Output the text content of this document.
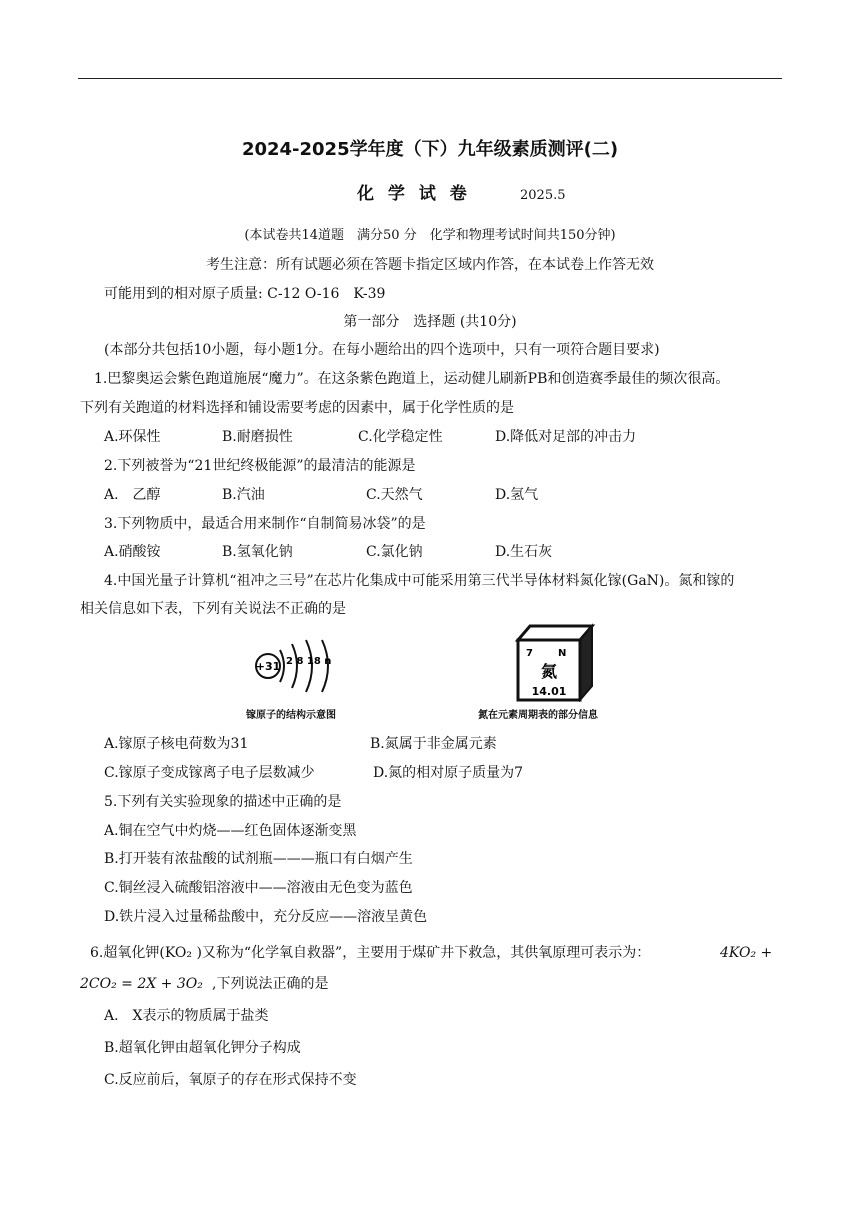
2024-2025学年度（下）九年级素质测评(二)
化 学 试 卷	2025.5
(本试卷共14道题　满分50 分　化学和物理考试时间共150分钟)
考生注意：所有试题必须在答题卡指定区域内作答，在本试卷上作答无效
可能用到的相对原子质量: C-12 O-16　K-39
第一部分　选择题 (共10分)
(本部分共包括10小题，每小题1分。在每小题给出的四个选项中，只有一项符合题目要求)
1.巴黎奥运会紫色跑道施展“魔力”。在这条紫色跑道上，运动健儿刷新PB和创造赛季最佳的频次很高。
下列有关跑道的材料选择和铺设需要考虑的因素中，属于化学性质的是
A.环保性	B.耐磨损性	C.化学稳定性	D.降低对足部的冲击力
2.下列被誉为“21世纪终极能源”的最清洁的能源是
A.　乙醇	B.汽油	C.天然气	D.氢气
3.下列物质中，最适合用来制作“自制简易冰袋”的是
A.硝酸铵	B.氢氧化钠	C.氯化钠	D.生石灰
4.中国光量子计算机“祖冲之三号”在芯片化集成中可能采用第三代半导体材料氮化镓(GaN)。氮和镓的
相关信息如下表，下列有关说法不正确的是
+31 2 8 18 n
镓原子的结构示意图
7	N
氮
14.01
氮在元素周期表的部分信息
A.镓原子核电荷数为31	B.氮属于非金属元素
C.镓原子变成镓离子电子层数减少	D.氮的相对原子质量为7
5.下列有关实验现象的描述中正确的是
A.铜在空气中灼烧——红色固体逐渐变黑
B.打开装有浓盐酸的试剂瓶———瓶口有白烟产生
C.铜丝浸入硫酸铝溶液中——溶液由无色变为蓝色
D.铁片浸入过量稀盐酸中，充分反应——溶液呈黄色
6.超氧化钾(KO₂ )又称为“化学氧自救器”，主要用于煤矿井下救急，其供氧原理可表示为：	4KO₂ +
2CO₂ = 2X + 3O₂ ,下列说法正确的是
A.　X表示的物质属于盐类
B.超氧化钾由超氧化钾分子构成
C.反应前后，氧原子的存在形式保持不变
